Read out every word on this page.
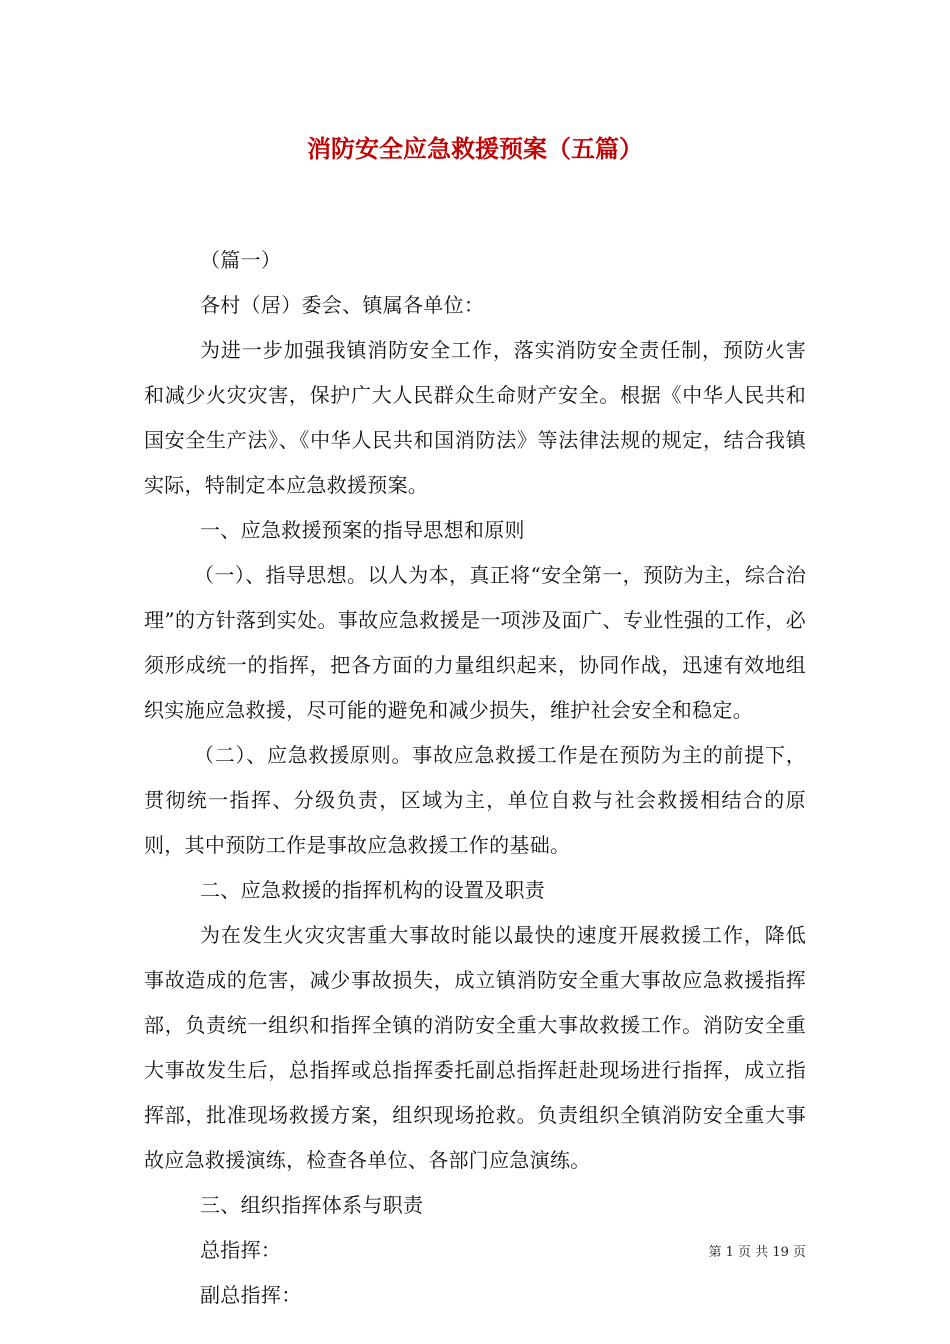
消防安全应急救援预案（五篇）

（篇一）

各村（居）委会、镇属各单位：

为进一步加强我镇消防安全工作，落实消防安全责任制，预防火害和减少火灾灾害，保护广大人民群众生命财产安全。根据《中华人民共和国安全生产法》、《中华人民共和国消防法》等法律法规的规定，结合我镇实际，特制定本应急救援预案。

一、应急救援预案的指导思想和原则

（一）、指导思想。以人为本，真正将“安全第一，预防为主，综合治理”的方针落到实处。事故应急救援是一项涉及面广、专业性强的工作，必须形成统一的指挥，把各方面的力量组织起来，协同作战，迅速有效地组织实施应急救援，尽可能的避免和减少损失，维护社会安全和稳定。

（二）、应急救援原则。事故应急救援工作是在预防为主的前提下，贯彻统一指挥、分级负责，区域为主，单位自救与社会救援相结合的原则，其中预防工作是事故应急救援工作的基础。

二、应急救援的指挥机构的设置及职责

为在发生火灾灾害重大事故时能以最快的速度开展救援工作，降低事故造成的危害，减少事故损失，成立镇消防安全重大事故应急救援指挥部，负责统一组织和指挥全镇的消防安全重大事故救援工作。消防安全重大事故发生后，总指挥或总指挥委托副总指挥赶赴现场进行指挥，成立指挥部，批准现场救援方案，组织现场抢救。负责组织全镇消防安全重大事故应急救援演练，检查各单位、各部门应急演练。

三、组织指挥体系与职责

总指挥：

副总指挥：

第 1 页 共 19 页
